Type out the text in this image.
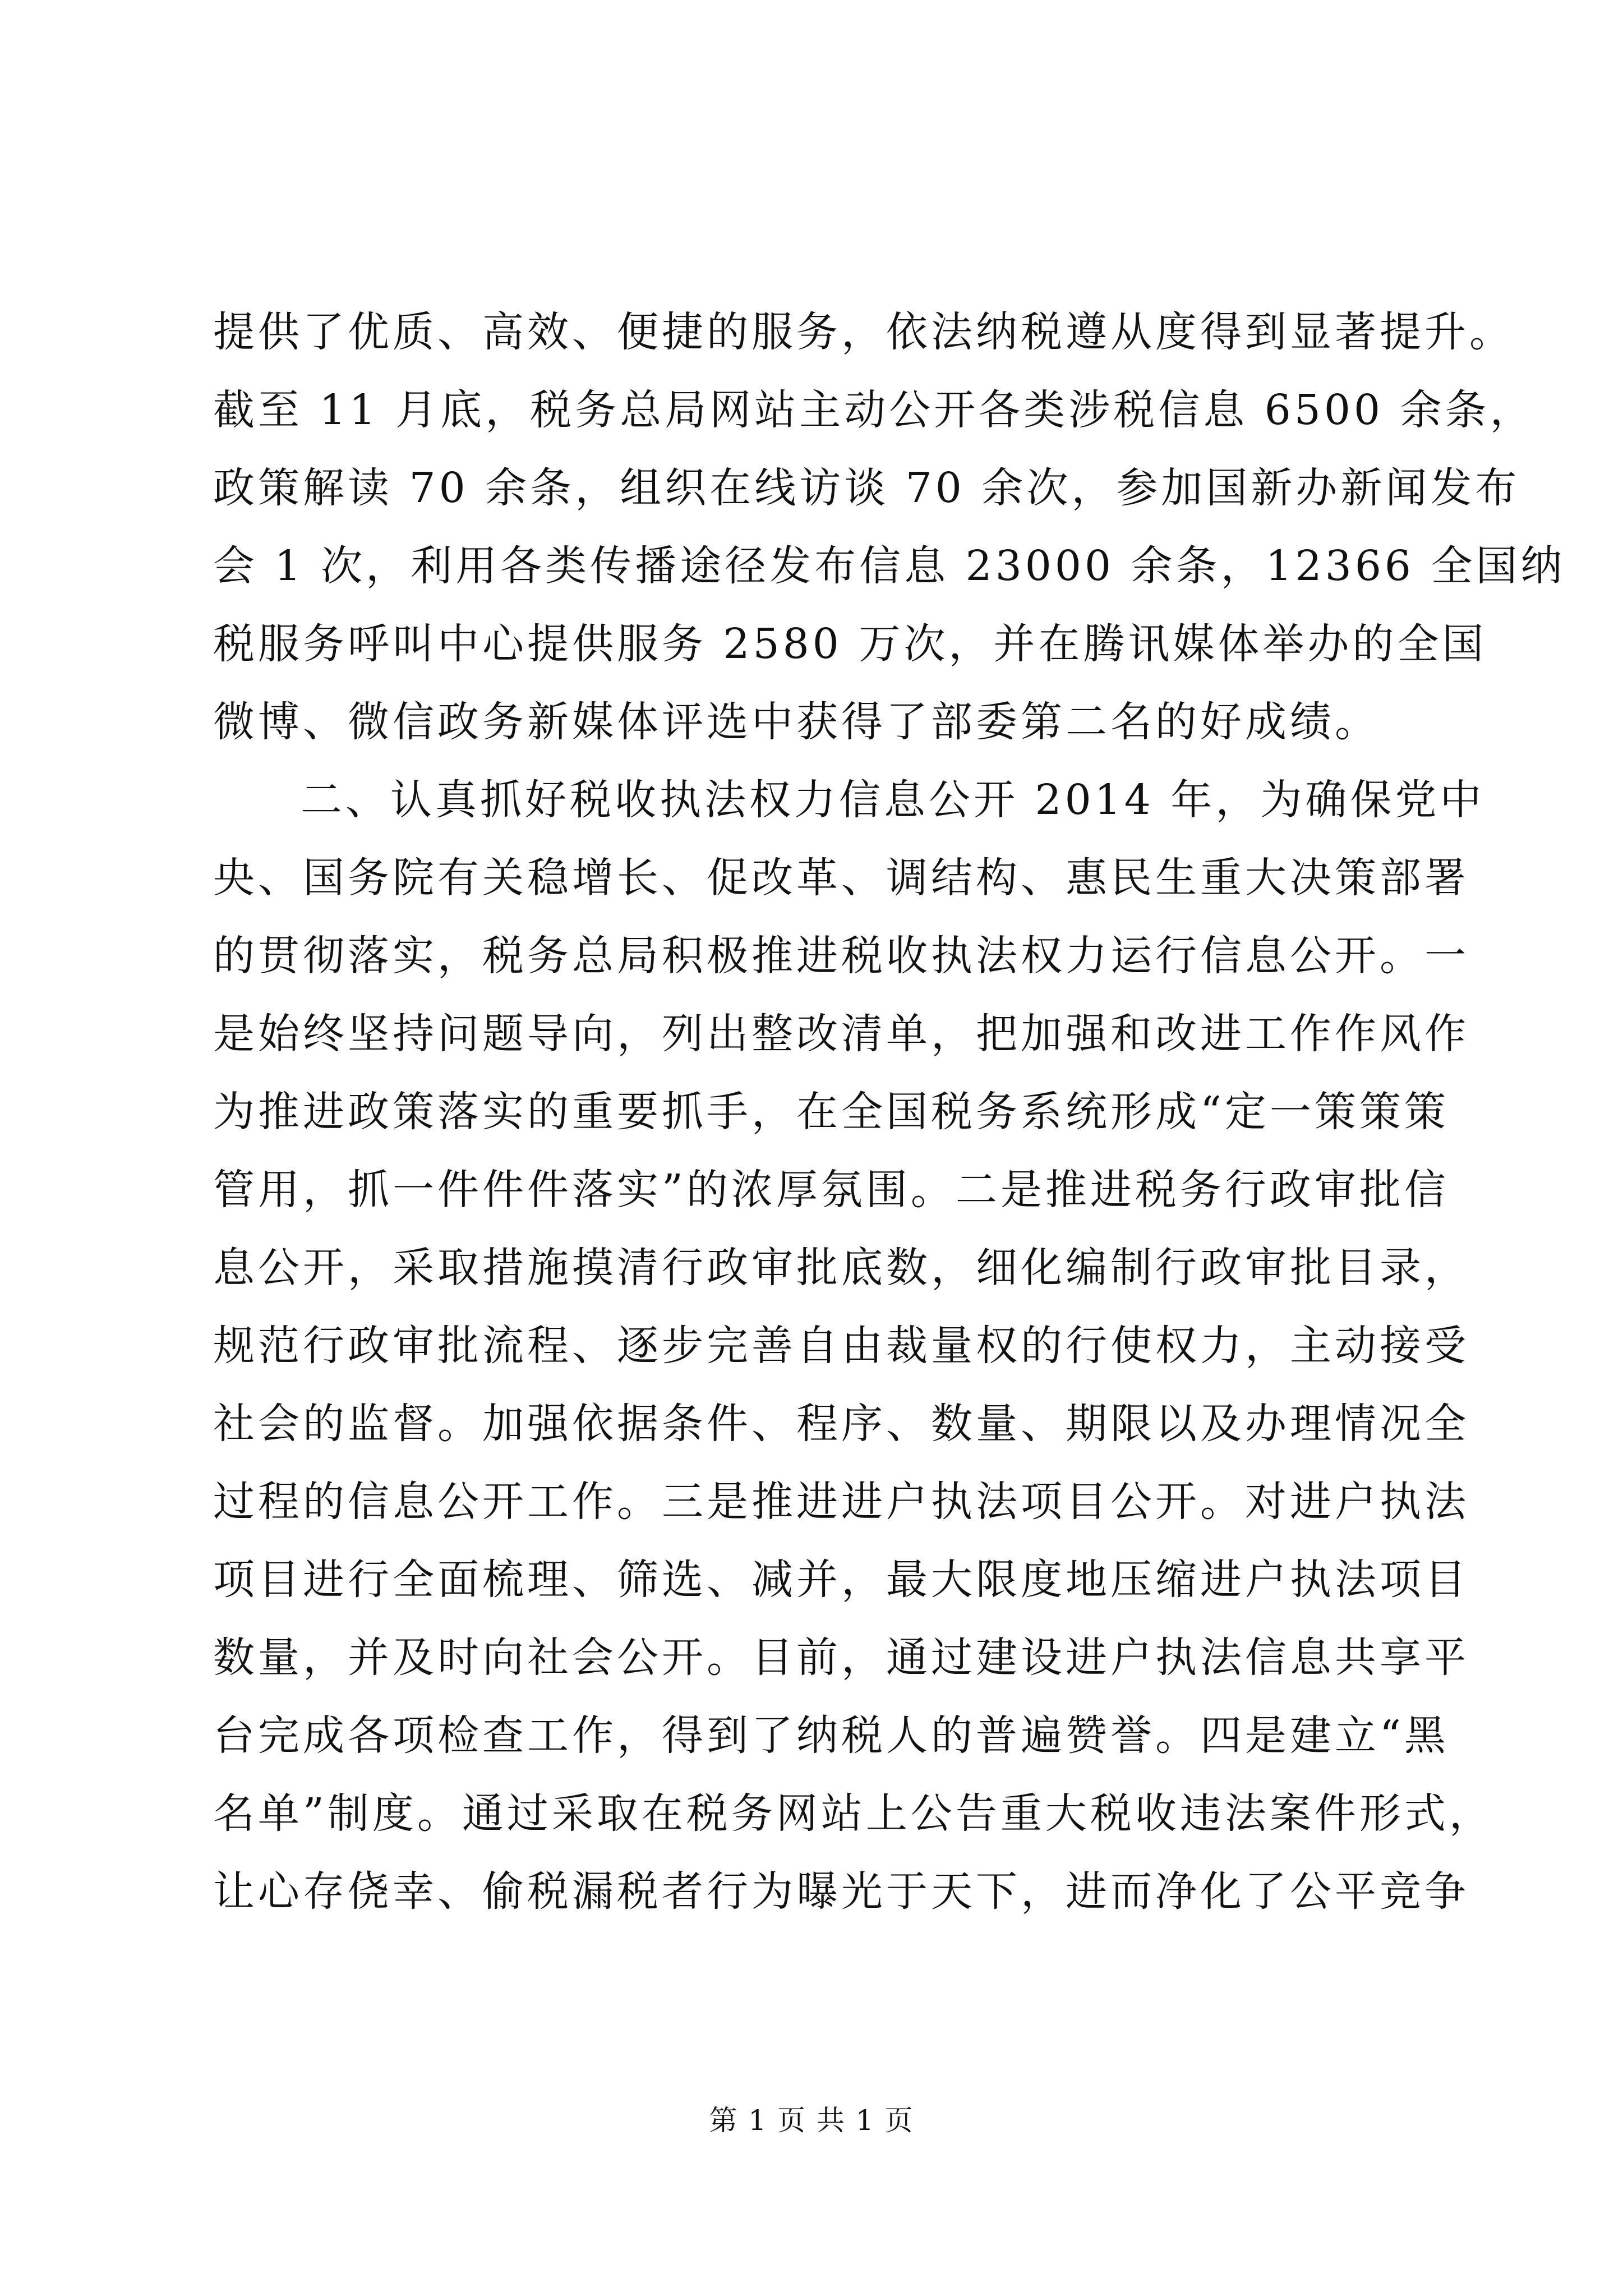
提供了优质、高效、便捷的服务，依法纳税遵从度得到显著提升。
截至 11 月底，税务总局网站主动公开各类涉税信息 6500 余条，
政策解读 70 余条，组织在线访谈 70 余次，参加国新办新闻发布
会 1 次，利用各类传播途径发布信息 23000 余条，12366 全国纳
税服务呼叫中心提供服务 2580 万次，并在腾讯媒体举办的全国
微博、微信政务新媒体评选中获得了部委第二名的好成绩。
二、认真抓好税收执法权力信息公开 2014 年，为确保党中
央、国务院有关稳增长、促改革、调结构、惠民生重大决策部署
的贯彻落实，税务总局积极推进税收执法权力运行信息公开。一
是始终坚持问题导向，列出整改清单，把加强和改进工作作风作
为推进政策落实的重要抓手，在全国税务系统形成“定一策策策
管用，抓一件件件落实”的浓厚氛围。二是推进税务行政审批信
息公开，采取措施摸清行政审批底数，细化编制行政审批目录，
规范行政审批流程、逐步完善自由裁量权的行使权力，主动接受
社会的监督。加强依据条件、程序、数量、期限以及办理情况全
过程的信息公开工作。三是推进进户执法项目公开。对进户执法
项目进行全面梳理、筛选、减并，最大限度地压缩进户执法项目
数量，并及时向社会公开。目前，通过建设进户执法信息共享平
台完成各项检查工作，得到了纳税人的普遍赞誉。四是建立“黑
名单”制度。通过采取在税务网站上公告重大税收违法案件形式，
让心存侥幸、偷税漏税者行为曝光于天下，进而净化了公平竞争
第 1 页 共 1 页
